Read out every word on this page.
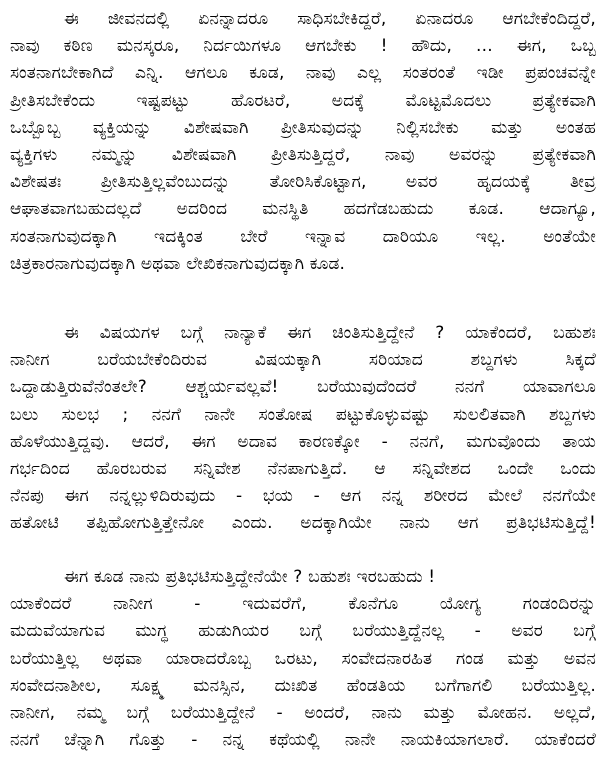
ಈ ಜೀವನದಲ್ಲಿ ಏನನ್ನಾದರೂ ಸಾಧಿಸಬೇಕಿದ್ದರೆ, ಏನಾದರೂ ಆಗಬೇಕೆಂದಿದ್ದರೆ,
ನಾವು ಕಠಿಣ ಮನಸ್ಕರೂ, ನಿರ್ದಯಿಗಳೂ ಆಗಬೇಕು ! ಹೌದು, ... ಈಗ, ಒಬ್ಬ
ಸಂತನಾಗಬೇಕಾಗಿದೆ ಎನ್ನಿ. ಆಗಲೂ ಕೂಡ, ನಾವು ಎಲ್ಲ ಸಂತರಂತೆ ಇಡೀ ಪ್ರಪಂಚವನ್ನೇ
ಪ್ರೀತಿಸಬೇಕೆಂದು ಇಷ್ಟಪಟ್ಟು ಹೊರಟರೆ, ಅದಕ್ಕೆ ಮೊಟ್ಟಮೊದಲು ಪ್ರತ್ಯೇಕವಾಗಿ
ಒಬ್ಬೊಬ್ಬ ವ್ಯಕ್ತಿಯನ್ನು ವಿಶೇಷವಾಗಿ ಪ್ರೀತಿಸುವುದನ್ನು ನಿಲ್ಲಿಸಬೇಕು ಮತ್ತು ಅಂತಹ
ವ್ಯಕ್ತಿಗಳು ನಮ್ಮನ್ನು ವಿಶೇಷವಾಗಿ ಪ್ರೀತಿಸುತ್ತಿದ್ದರೆ, ನಾವು ಅವರನ್ನು ಪ್ರತ್ಯೇಕವಾಗಿ
ವಿಶೇಷತಃ ಪ್ರೀತಿಸುತ್ತಿಲ್ಲವೆಂಬುದನ್ನು ತೋರಿಸಿಕೊಟ್ಟಾಗ, ಅವರ ಹೃದಯಕ್ಕೆ ತೀವ್ರ
ಆಘಾತವಾಗಬಹುದಲ್ಲದೆ ಅದರಿಂದ ಮನಸ್ಥಿತಿ ಹದಗೆಡಬಹುದು ಕೂಡ. ಆದಾಗ್ಯೂ,
ಸಂತನಾಗುವುದಕ್ಕಾಗಿ ಇದಕ್ಕಿಂತ ಬೇರೆ ಇನ್ನಾವ ದಾರಿಯೂ ಇಲ್ಲ. ಅಂತೆಯೇ
ಚಿತ್ರಕಾರನಾಗುವುದಕ್ಕಾಗಿ ಅಥವಾ ಲೇಖಿಕನಾಗುವುದಕ್ಕಾಗಿ ಕೂಡ.
ಈ ವಿಷಯಗಳ ಬಗ್ಗೆ ನಾನ್ಯಾಕೆ ಈಗ ಚಿಂತಿಸುತ್ತಿದ್ದೇನೆ ? ಯಾಕೆಂದರೆ, ಬಹುಶಃ
ನಾನೀಗ ಬರೆಯಬೇಕೆಂದಿರುವ ವಿಷಯಕ್ಕಾಗಿ ಸರಿಯಾದ ಶಬ್ದಗಳು ಸಿಕ್ಕದೆ
ಒದ್ದಾಡುತ್ತಿರುವೆನೆಂತಲೇ? ಆಶ್ಚರ್ಯವಲ್ಲವೆ! ಬರೆಯುವುದೆಂದರೆ ನನಗೆ ಯಾವಾಗಲೂ
ಬಲು ಸುಲಭ ; ನನಗೆ ನಾನೇ ಸಂತೋಷ ಪಟ್ಟುಕೊಳ್ಳುವಷ್ಟು ಸುಲಲಿತವಾಗಿ ಶಬ್ದಗಳು
ಹೊಳೆಯುತ್ತಿದ್ದವು. ಆದರೆ, ಈಗ ಅದಾವ ಕಾರಣಕ್ಕೋ - ನನಗೆ, ಮಗುವೊಂದು ತಾಯ
ಗರ್ಭದಿಂದ ಹೊರಬರುವ ಸನ್ನಿವೇಶ ನೆನಪಾಗುತ್ತಿದೆ. ಆ ಸನ್ನಿವೇಶದ ಒಂದೇ ಒಂದು
ನೆನಪು ಈಗ ನನ್ನಲ್ಲುಳಿದಿರುವುದು - ಭಯ - ಆಗ ನನ್ನ ಶರೀರದ ಮೇಲೆ ನನಗೆಯೇ
ಹತೋಟಿ ತಪ್ಪಿಹೋಗುತ್ತಿತ್ತೇನೋ ಎಂದು. ಅದಕ್ಕಾಗಿಯೇ ನಾನು ಆಗ ಪ್ರತಿಭಟಿಸುತ್ತಿದ್ದೆ!
ಈಗ ಕೂಡ ನಾನು ಪ್ರತಿಭಟಿಸುತ್ತಿದ್ದೇನೆಯೇ ? ಬಹುಶಃ ಇರಬಹುದು !
ಯಾಕೆಂದರೆ ನಾನೀಗ - ಇದುವರೆಗೆ, ಕೊನೆಗೂ ಯೋಗ್ಯ ಗಂಡಂದಿರನ್ನು
ಮದುವೆಯಾಗುವ ಮುಗ್ಧ ಹುಡುಗಿಯರ ಬಗ್ಗೆ ಬರೆಯುತ್ತಿದ್ದೆನಲ್ಲ - ಅವರ ಬಗ್ಗೆ
ಬರೆಯುತ್ತಿಲ್ಲ ಅಥವಾ ಯಾರಾದರೊಬ್ಬ ಒರಟು, ಸಂವೇದನಾರಹಿತ ಗಂಡ ಮತ್ತು ಅವನ
ಸಂವೇದನಾಶೀಲ, ಸೂಕ್ಷ್ಮ ಮನಸ್ಸಿನ, ದುಃಖಿತ ಹೆಂಡತಿಯ ಬಗೆಗಾಗಲಿ ಬರೆಯುತ್ತಿಲ್ಲ.
ನಾನೀಗ, ನಮ್ಮ ಬಗ್ಗೆ ಬರೆಯುತ್ತಿದ್ದೇನೆ - ಅಂದರೆ, ನಾನು ಮತ್ತು ಮೋಹನ. ಅಲ್ಲದೆ,
ನನಗೆ ಚೆನ್ನಾಗಿ ಗೊತ್ತು - ನನ್ನ ಕಥೆಯಲ್ಲಿ ನಾನೇ ನಾಯಕಿಯಾಗಲಾರೆ. ಯಾಕೆಂದರೆ
